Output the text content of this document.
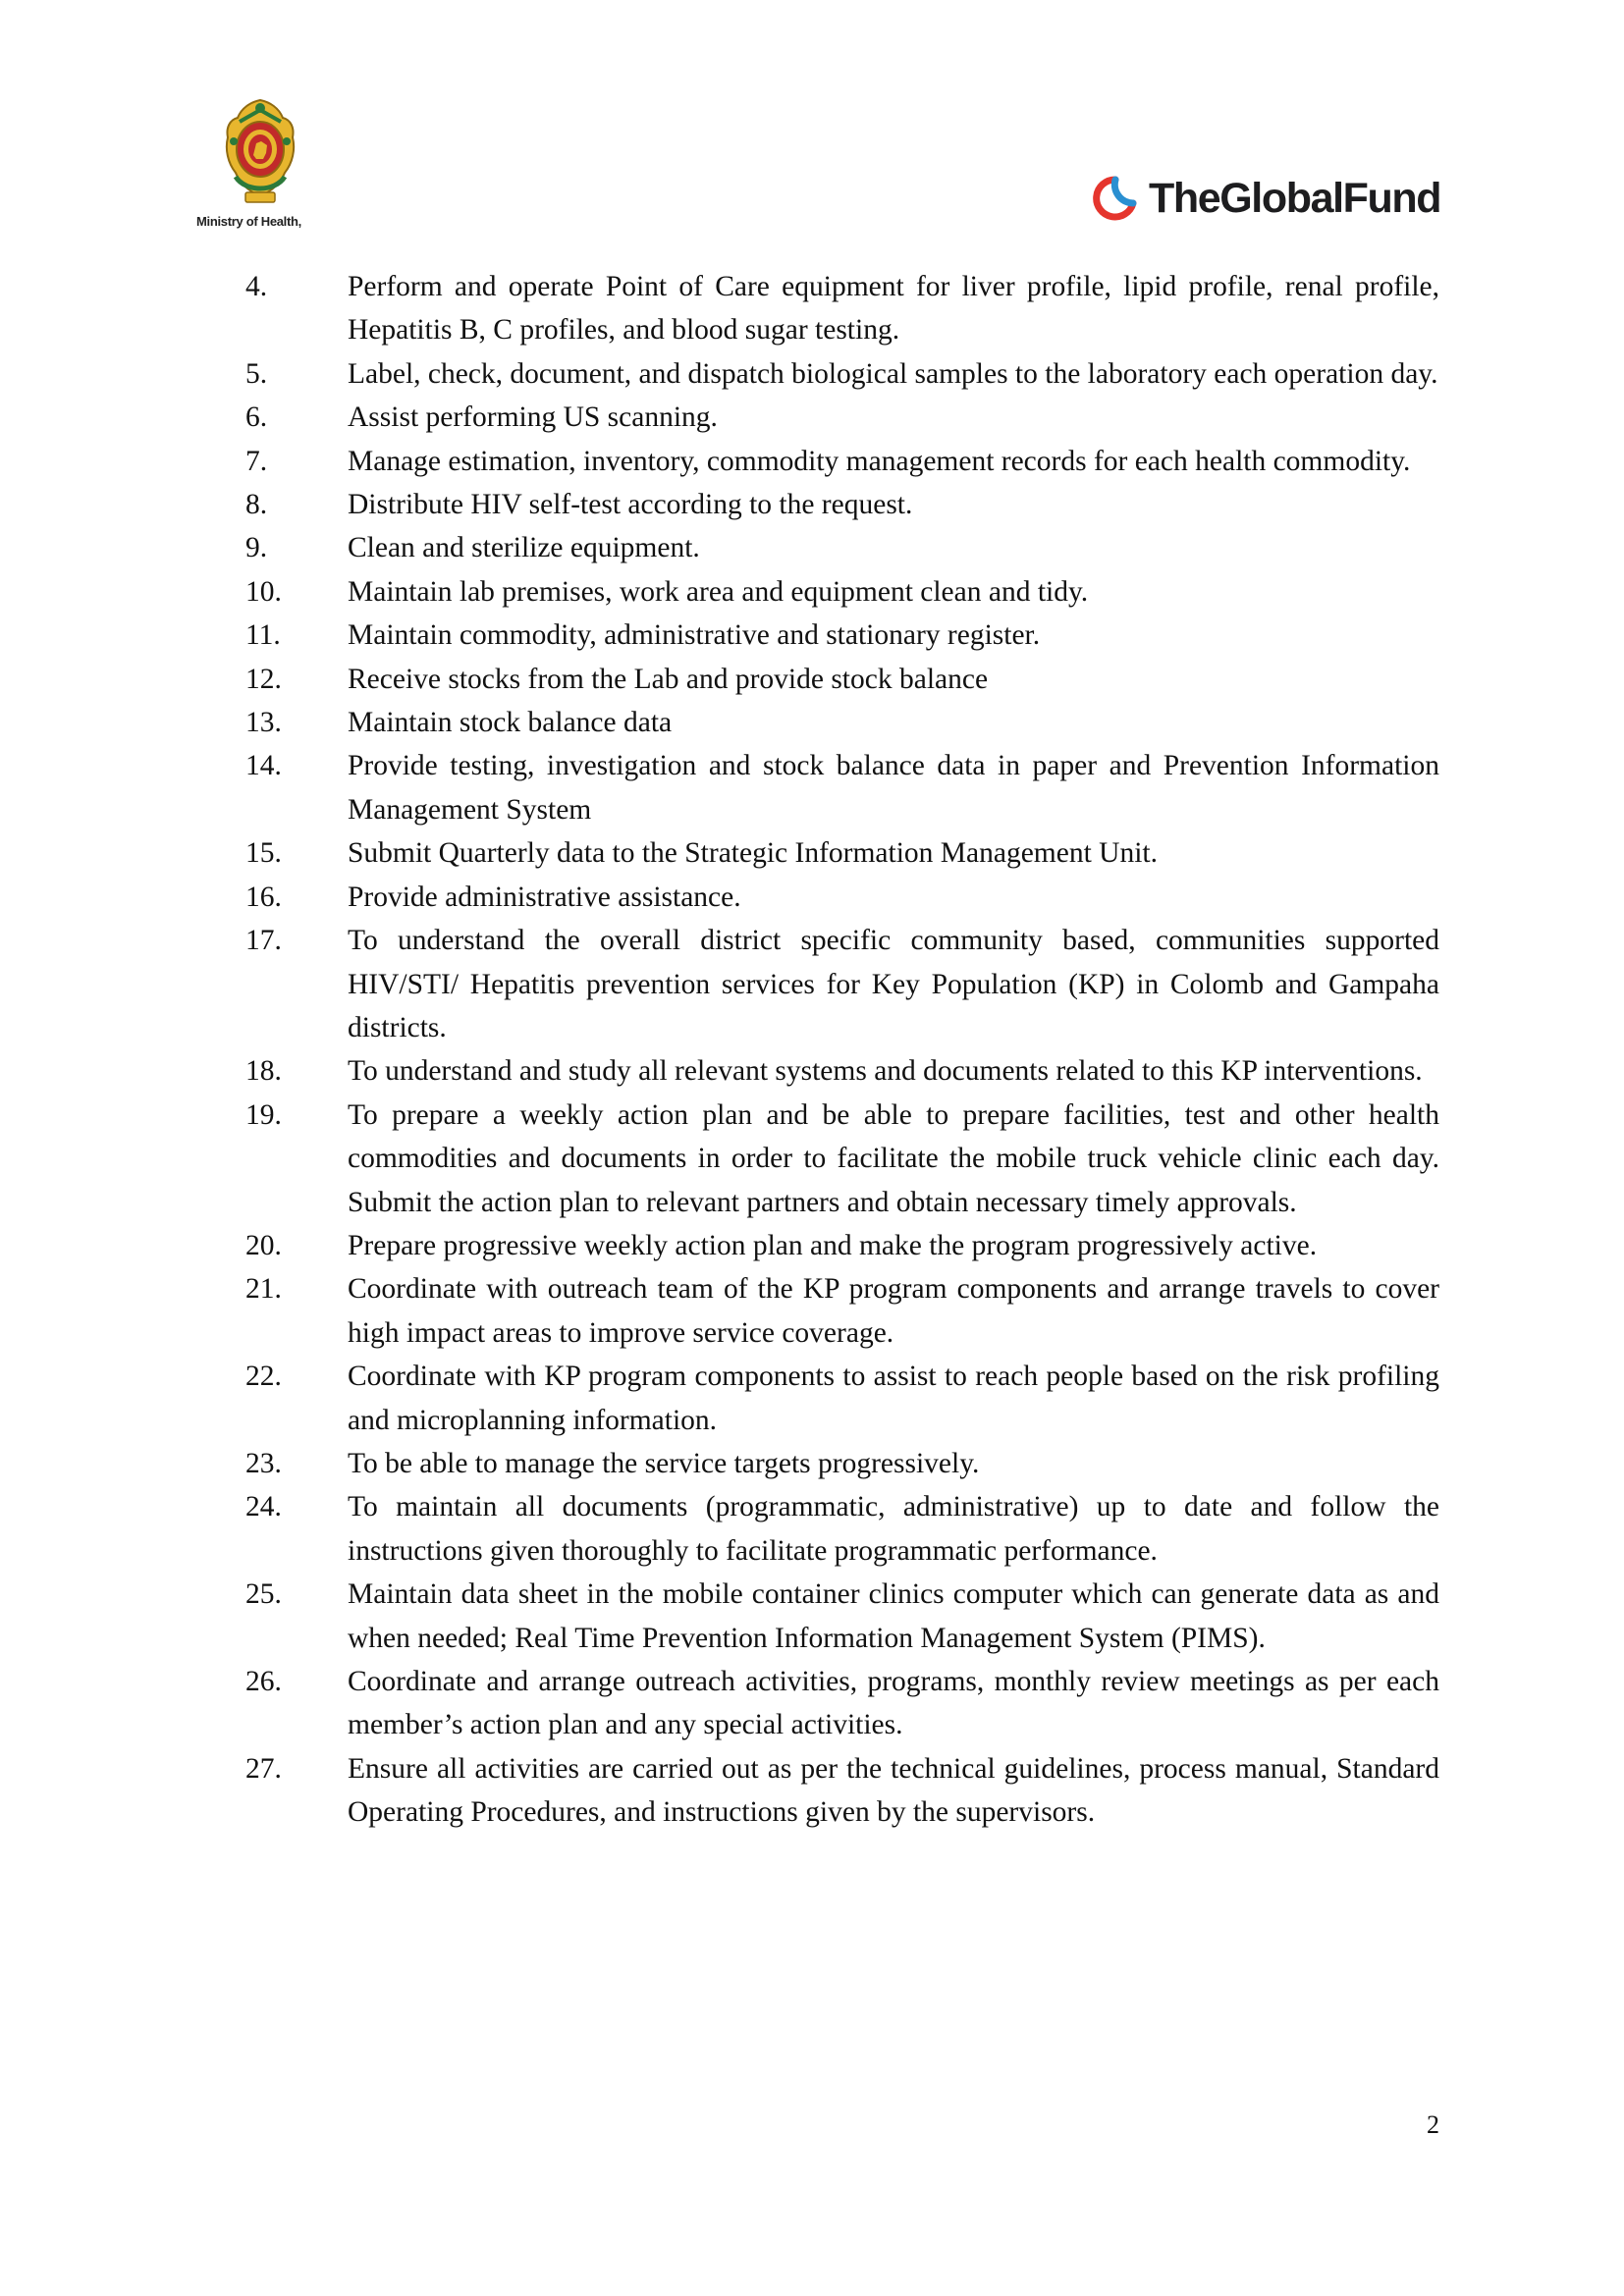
Ministry of Health,	TheGlobalFund
4.	Perform and operate Point of Care equipment for liver profile, lipid profile, renal profile, Hepatitis B, C profiles, and blood sugar testing.
5.	Label, check, document, and dispatch biological samples to the laboratory each operation day.
6.	Assist performing US scanning.
7.	Manage estimation, inventory, commodity management records for each health commodity.
8.	Distribute HIV self-test according to the request.
9.	Clean and sterilize equipment.
10.	Maintain lab premises, work area and equipment clean and tidy.
11.	Maintain commodity, administrative and stationary register.
12.	Receive stocks from the Lab and provide stock balance
13.	Maintain stock balance data
14.	Provide testing, investigation and stock balance data in paper and Prevention Information Management System
15.	Submit Quarterly data to the Strategic Information Management Unit.
16.	Provide administrative assistance.
17.	To understand the overall district specific community based, communities supported HIV/STI/ Hepatitis prevention services for Key Population (KP) in Colomb and Gampaha districts.
18.	To understand and study all relevant systems and documents related to this KP interventions.
19.	To prepare a weekly action plan and be able to prepare facilities, test and other health commodities and documents in order to facilitate the mobile truck vehicle clinic each day. Submit the action plan to relevant partners and obtain necessary timely approvals.
20.	Prepare progressive weekly action plan and make the program progressively active.
21.	Coordinate with outreach team of the KP program components and arrange travels to cover high impact areas to improve service coverage.
22.	Coordinate with KP program components to assist to reach people based on the risk profiling and microplanning information.
23.	To be able to manage the service targets progressively.
24.	To maintain all documents (programmatic, administrative) up to date and follow the instructions given thoroughly to facilitate programmatic performance.
25.	Maintain data sheet in the mobile container clinics computer which can generate data as and when needed; Real Time Prevention Information Management System (PIMS).
26.	Coordinate and arrange outreach activities, programs, monthly review meetings as per each member’s action plan and any special activities.
27.	Ensure all activities are carried out as per the technical guidelines, process manual, Standard Operating Procedures, and instructions given by the supervisors.
2
